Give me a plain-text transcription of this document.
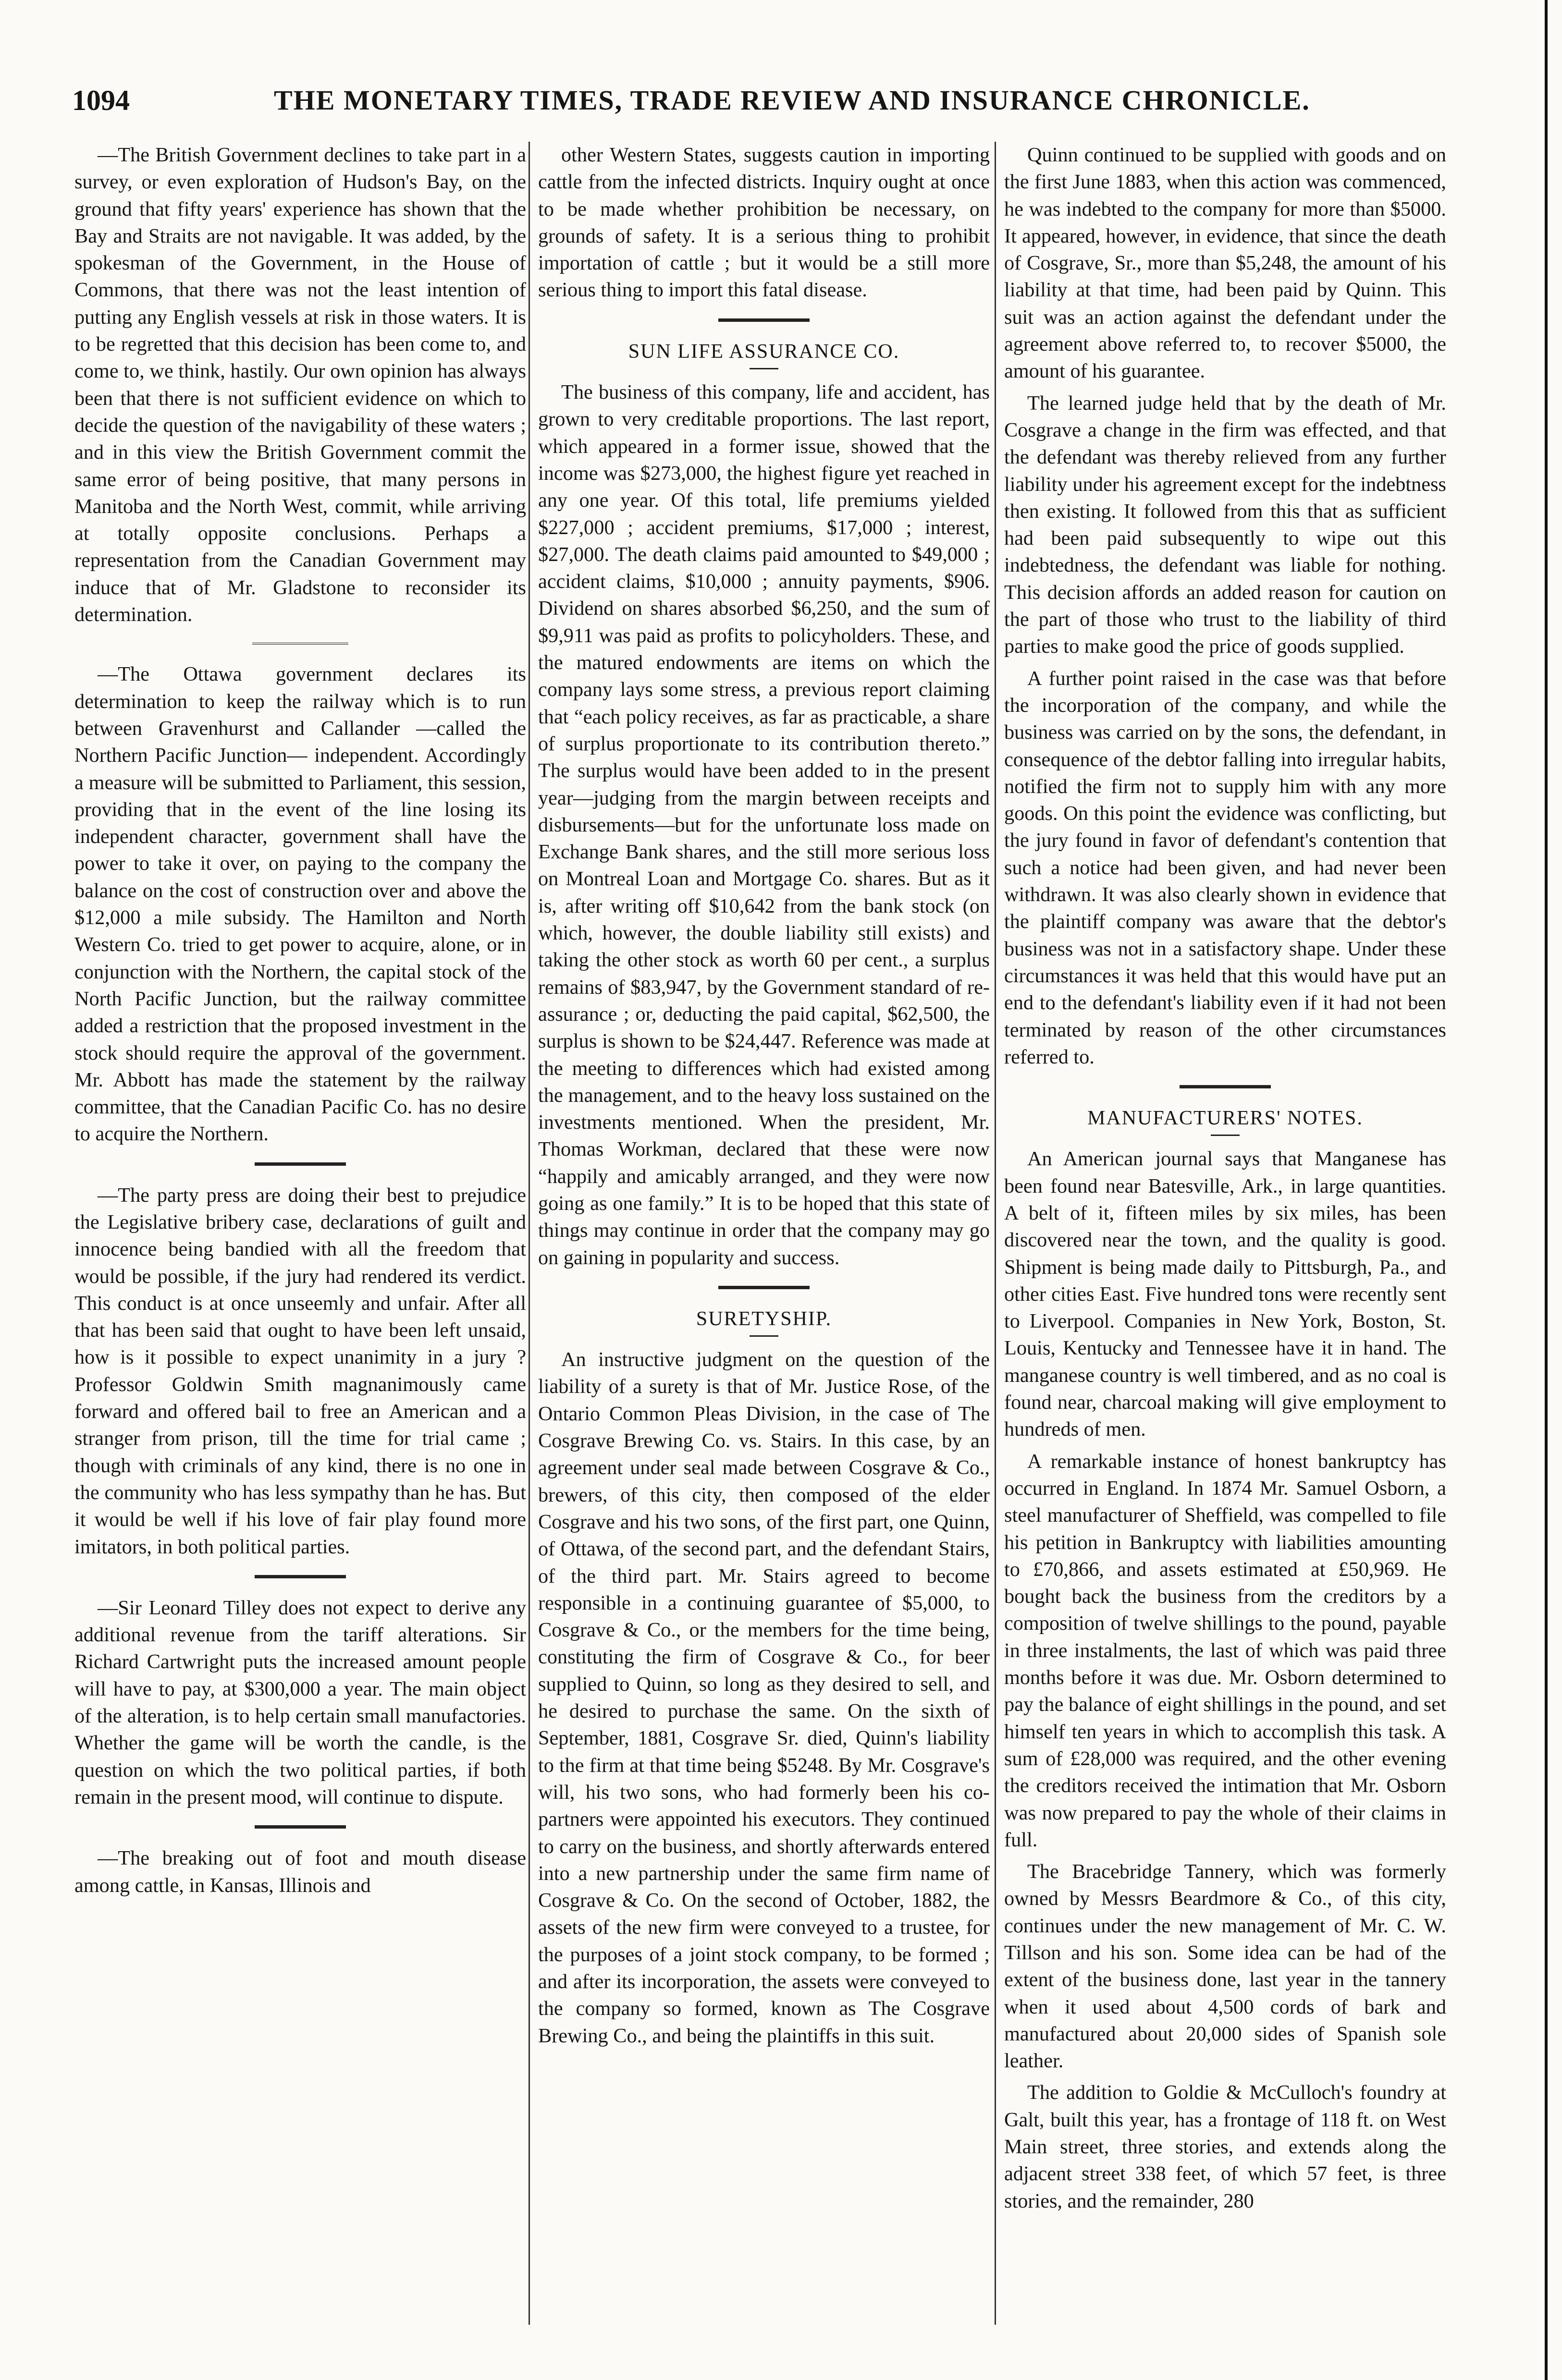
1094	THE MONETARY TIMES, TRADE REVIEW AND INSURANCE CHRONICLE.

—The British Government declines to take part in a survey, or even exploration of Hudson's Bay, on the ground that fifty years' experience has shown that the Bay and Straits are not navigable. It was added, by the spokesman of the Government, in the House of Commons, that there was not the least intention of putting any English vessels at risk in those waters. It is to be regretted that this decision has been come to, and come to, we think, hastily. Our own opinion has always been that there is not sufficient evidence on which to decide the question of the navigability of these waters ; and in this view the British Government commit the same error of being positive, that many persons in Manitoba and the North West, commit, while arriving at totally opposite conclusions. Perhaps a representation from the Canadian Government may induce that of Mr. Gladstone to reconsider its determination.

—The Ottawa government declares its determination to keep the railway which is to run between Gravenhurst and Callander —called the Northern Pacific Junction— independent. Accordingly a measure will be submitted to Parliament, this session, providing that in the event of the line losing its independent character, government shall have the power to take it over, on paying to the company the balance on the cost of construction over and above the $12,000 a mile subsidy. The Hamilton and North Western Co. tried to get power to acquire, alone, or in conjunction with the Northern, the capital stock of the North Pacific Junction, but the railway committee added a restriction that the proposed investment in the stock should require the approval of the government. Mr. Abbott has made the statement by the railway committee, that the Canadian Pacific Co. has no desire to acquire the Northern.

—The party press are doing their best to prejudice the Legislative bribery case, declarations of guilt and innocence being bandied with all the freedom that would be possible, if the jury had rendered its verdict. This conduct is at once unseemly and unfair. After all that has been said that ought to have been left unsaid, how is it possible to expect unanimity in a jury ? Professor Goldwin Smith magnanimously came forward and offered bail to free an American and a stranger from prison, till the time for trial came ; though with criminals of any kind, there is no one in the community who has less sympathy than he has. But it would be well if his love of fair play found more imitators, in both political parties.

—Sir Leonard Tilley does not expect to derive any additional revenue from the tariff alterations. Sir Richard Cartwright puts the increased amount people will have to pay, at $300,000 a year. The main object of the alteration, is to help certain small manufactories. Whether the game will be worth the candle, is the question on which the two political parties, if both remain in the present mood, will continue to dispute.

—The breaking out of foot and mouth disease among cattle, in Kansas, Illinois and

other Western States, suggests caution in importing cattle from the infected districts. Inquiry ought at once to be made whether prohibition be necessary, on grounds of safety. It is a serious thing to prohibit importation of cattle ; but it would be a still more serious thing to import this fatal disease.

SUN LIFE ASSURANCE CO.

The business of this company, life and accident, has grown to very creditable proportions. The last report, which appeared in a former issue, showed that the income was $273,000, the highest figure yet reached in any one year. Of this total, life premiums yielded $227,000 ; accident premiums, $17,000 ; interest, $27,000. The death claims paid amounted to $49,000 ; accident claims, $10,000 ; annuity payments, $906. Dividend on shares absorbed $6,250, and the sum of $9,911 was paid as profits to policyholders. These, and the matured endowments are items on which the company lays some stress, a previous report claiming that “each policy receives, as far as practicable, a share of surplus proportionate to its contribution thereto.” The surplus would have been added to in the present year—judging from the margin between receipts and disbursements—but for the unfortunate loss made on Exchange Bank shares, and the still more serious loss on Montreal Loan and Mortgage Co. shares. But as it is, after writing off $10,642 from the bank stock (on which, however, the double liability still exists) and taking the other stock as worth 60 per cent., a surplus remains of $83,947, by the Government standard of re-assurance ; or, deducting the paid capital, $62,500, the surplus is shown to be $24,447. Reference was made at the meeting to differences which had existed among the management, and to the heavy loss sustained on the investments mentioned. When the president, Mr. Thomas Workman, declared that these were now “happily and amicably arranged, and they were now going as one family.” It is to be hoped that this state of things may continue in order that the company may go on gaining in popularity and success.

SURETYSHIP.

An instructive judgment on the question of the liability of a surety is that of Mr. Justice Rose, of the Ontario Common Pleas Division, in the case of The Cosgrave Brewing Co. vs. Stairs. In this case, by an agreement under seal made between Cosgrave & Co., brewers, of this city, then composed of the elder Cosgrave and his two sons, of the first part, one Quinn, of Ottawa, of the second part, and the defendant Stairs, of the third part. Mr. Stairs agreed to become responsible in a continuing guarantee of $5,000, to Cosgrave & Co., or the members for the time being, constituting the firm of Cosgrave & Co., for beer supplied to Quinn, so long as they desired to sell, and he desired to purchase the same. On the sixth of September, 1881, Cosgrave Sr. died, Quinn's liability to the firm at that time being $5248. By Mr. Cosgrave's will, his two sons, who had formerly been his co-partners were appointed his executors. They continued to carry on the business, and shortly afterwards entered into a new partnership under the same firm name of Cosgrave & Co. On the second of October, 1882, the assets of the new firm were conveyed to a trustee, for the purposes of a joint stock company, to be formed ; and after its incorporation, the assets were conveyed to the company so formed, known as The Cosgrave Brewing Co., and being the plaintiffs in this suit.

Quinn continued to be supplied with goods and on the first June 1883, when this action was commenced, he was indebted to the company for more than $5000. It appeared, however, in evidence, that since the death of Cosgrave, Sr., more than $5,248, the amount of his liability at that time, had been paid by Quinn. This suit was an action against the defendant under the agreement above referred to, to recover $5000, the amount of his guarantee.

The learned judge held that by the death of Mr. Cosgrave a change in the firm was effected, and that the defendant was thereby relieved from any further liability under his agreement except for the indebtness then existing. It followed from this that as sufficient had been paid subsequently to wipe out this indebtedness, the defendant was liable for nothing. This decision affords an added reason for caution on the part of those who trust to the liability of third parties to make good the price of goods supplied.

A further point raised in the case was that before the incorporation of the company, and while the business was carried on by the sons, the defendant, in consequence of the debtor falling into irregular habits, notified the firm not to supply him with any more goods. On this point the evidence was conflicting, but the jury found in favor of defendant's contention that such a notice had been given, and had never been withdrawn. It was also clearly shown in evidence that the plaintiff company was aware that the debtor's business was not in a satisfactory shape. Under these circumstances it was held that this would have put an end to the defendant's liability even if it had not been terminated by reason of the other circumstances referred to.

MANUFACTURERS' NOTES.

An American journal says that Manganese has been found near Batesville, Ark., in large quantities. A belt of it, fifteen miles by six miles, has been discovered near the town, and the quality is good. Shipment is being made daily to Pittsburgh, Pa., and other cities East. Five hundred tons were recently sent to Liverpool. Companies in New York, Boston, St. Louis, Kentucky and Tennessee have it in hand. The manganese country is well timbered, and as no coal is found near, charcoal making will give employment to hundreds of men.

A remarkable instance of honest bankruptcy has occurred in England. In 1874 Mr. Samuel Osborn, a steel manufacturer of Sheffield, was compelled to file his petition in Bankruptcy with liabilities amounting to £70,866, and assets estimated at £50,969. He bought back the business from the creditors by a composition of twelve shillings to the pound, payable in three instalments, the last of which was paid three months before it was due. Mr. Osborn determined to pay the balance of eight shillings in the pound, and set himself ten years in which to accomplish this task. A sum of £28,000 was required, and the other evening the creditors received the intimation that Mr. Osborn was now prepared to pay the whole of their claims in full.

The Bracebridge Tannery, which was formerly owned by Messrs Beardmore & Co., of this city, continues under the new management of Mr. C. W. Tillson and his son. Some idea can be had of the extent of the business done, last year in the tannery when it used about 4,500 cords of bark and manufactured about 20,000 sides of Spanish sole leather.

The addition to Goldie & McCulloch's foundry at Galt, built this year, has a frontage of 118 ft. on West Main street, three stories, and extends along the adjacent street 338 feet, of which 57 feet, is three stories, and the remainder, 280
